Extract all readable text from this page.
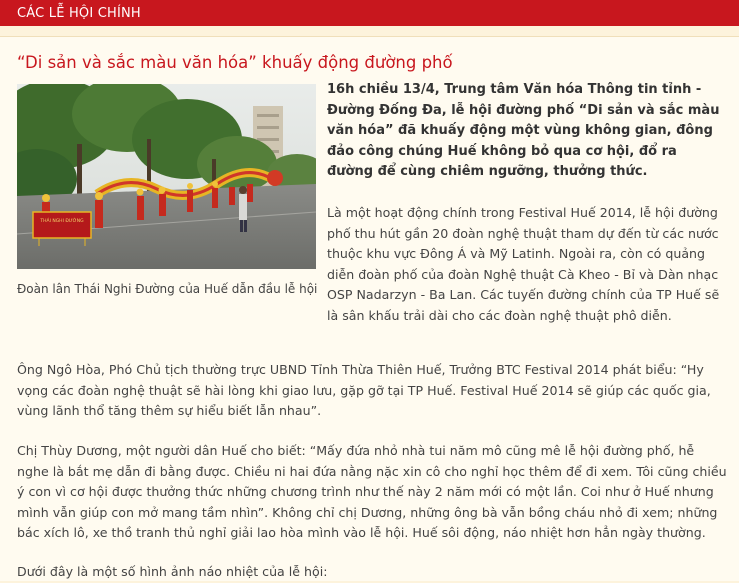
CÁC LỄ HỘI CHÍNH
“Di sản và sắc màu văn hóa” khuấy động đường phố
THÁI NGHI ĐƯỜNG
Đoàn lân Thái Nghi Đường của Huế dẫn đầu lễ hội

16h chiều 13/4, Trung tâm Văn hóa Thông tin tỉnh - Đường Đống Đa, lễ hội đường phố “Di sản và sắc màu văn hóa” đã khuấy động một vùng không gian, đông đảo công chúng Huế không bỏ qua cơ hội, đổ ra đường để cùng chiêm ngưỡng, thưởng thức.

Là một hoạt động chính trong Festival Huế 2014, lễ hội đường phố thu hút gần 20 đoàn nghệ thuật tham dự đến từ các nước thuộc khu vực Đông Á và Mỹ Latinh. Ngoài ra, còn có quảng diễn đoàn phố của đoàn Nghệ thuật Cà Kheo - Bỉ và Dàn nhạc OSP Nadarzyn - Ba Lan. Các tuyến đường chính của TP Huế sẽ là sân khấu trải dài cho các đoàn nghệ thuật phô diễn.

Ông Ngô Hòa, Phó Chủ tịch thường trực UBND Tỉnh Thừa Thiên Huế, Trưởng BTC Festival 2014 phát biểu: “Hy vọng các đoàn nghệ thuật sẽ hài lòng khi giao lưu, gặp gỡ tại TP Huế. Festival Huế 2014 sẽ giúp các quốc gia, vùng lãnh thổ tăng thêm sự hiểu biết lẫn nhau”.
Chị Thùy Dương, một người dân Huế cho biết: “Mấy đứa nhỏ nhà tui năm mô cũng mê lễ hội đường phố, hễ nghe là bắt mẹ dẫn đi bằng được. Chiều ni hai đứa nằng nặc xin cô cho nghỉ học thêm để đi xem. Tôi cũng chiều ý con vì cơ hội được thưởng thức những chương trình như thế này 2 năm mới có một lần. Coi như ở Huế nhưng mình vẫn giúp con mở mang tầm nhìn”. Không chỉ chị Dương, những ông bà vẫn bồng cháu nhỏ đi xem; những bác xích lô, xe thồ tranh thủ nghỉ giải lao hòa mình vào lễ hội. Huế sôi động, náo nhiệt hơn hẳn ngày thường.
Dưới đây là một số hình ảnh náo nhiệt của lễ hội:
